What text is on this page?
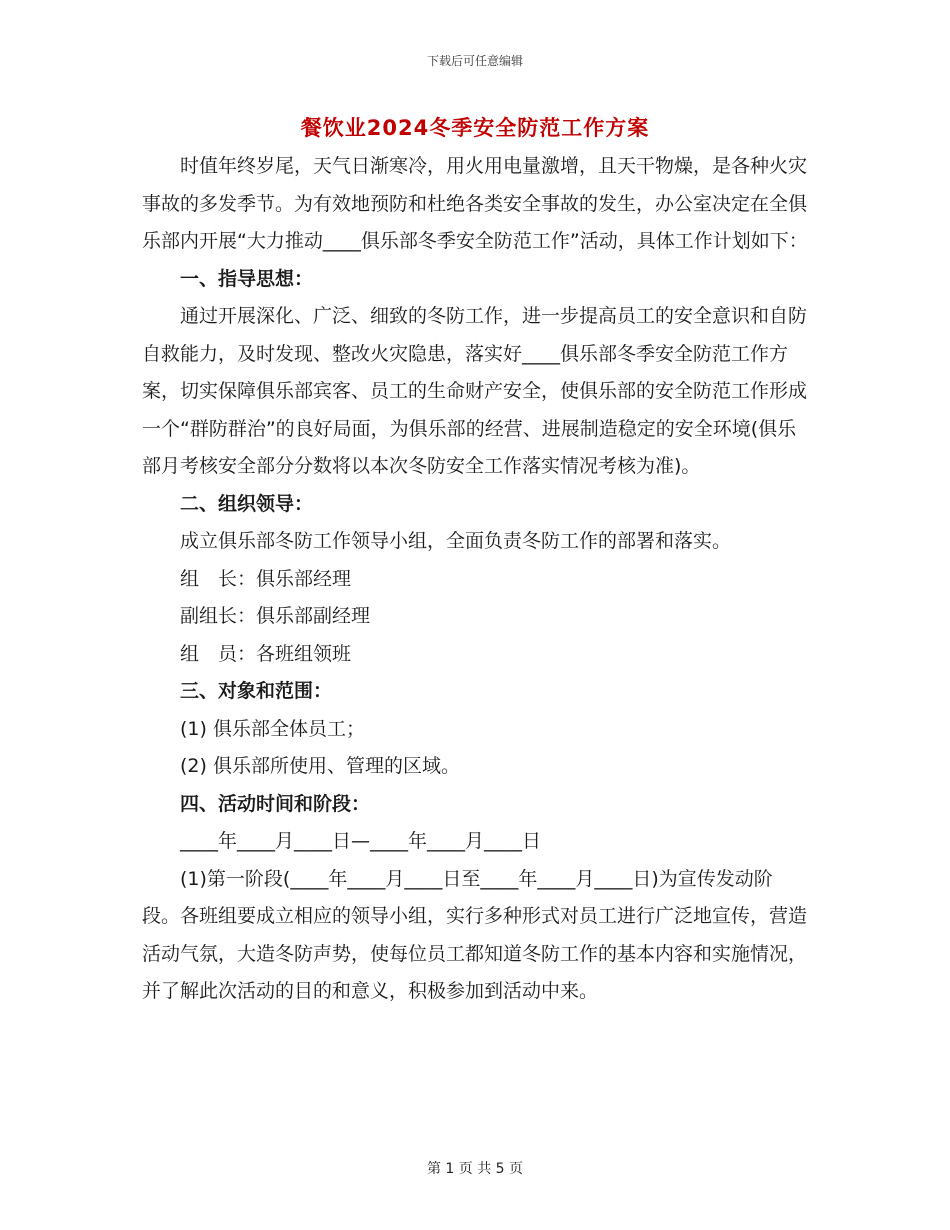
下载后可任意编辑
餐饮业2024冬季安全防范工作方案

时值年终岁尾，天气日渐寒冷，用火用电量激增，且天干物燥，是各种火灾事故的多发季节。为有效地预防和杜绝各类安全事故的发生，办公室决定在全俱乐部内开展“大力推动____俱乐部冬季安全防范工作”活动，具体工作计划如下：

一、指导思想：

通过开展深化、广泛、细致的冬防工作，进一步提高员工的安全意识和自防自救能力，及时发现、整改火灾隐患，落实好____俱乐部冬季安全防范工作方案，切实保障俱乐部宾客、员工的生命财产安全，使俱乐部的安全防范工作形成一个“群防群治”的良好局面，为俱乐部的经营、进展制造稳定的安全环境(俱乐部月考核安全部分分数将以本次冬防安全工作落实情况考核为准)。

二、组织领导：

成立俱乐部冬防工作领导小组，全面负责冬防工作的部署和落实。

组　长：俱乐部经理

副组长：俱乐部副经理

组　员：各班组领班

三、对象和范围：

(1) 俱乐部全体员工；

(2) 俱乐部所使用、管理的区域。

四、活动时间和阶段：

____年____月____日—____年____月____日

(1)第一阶段(____年____月____日至____年____月____日)为宣传发动阶段。各班组要成立相应的领导小组，实行多种形式对员工进行广泛地宣传，营造活动气氛，大造冬防声势，使每位员工都知道冬防工作的基本内容和实施情况，并了解此次活动的目的和意义，积极参加到活动中来。

第 1 页 共 5 页
